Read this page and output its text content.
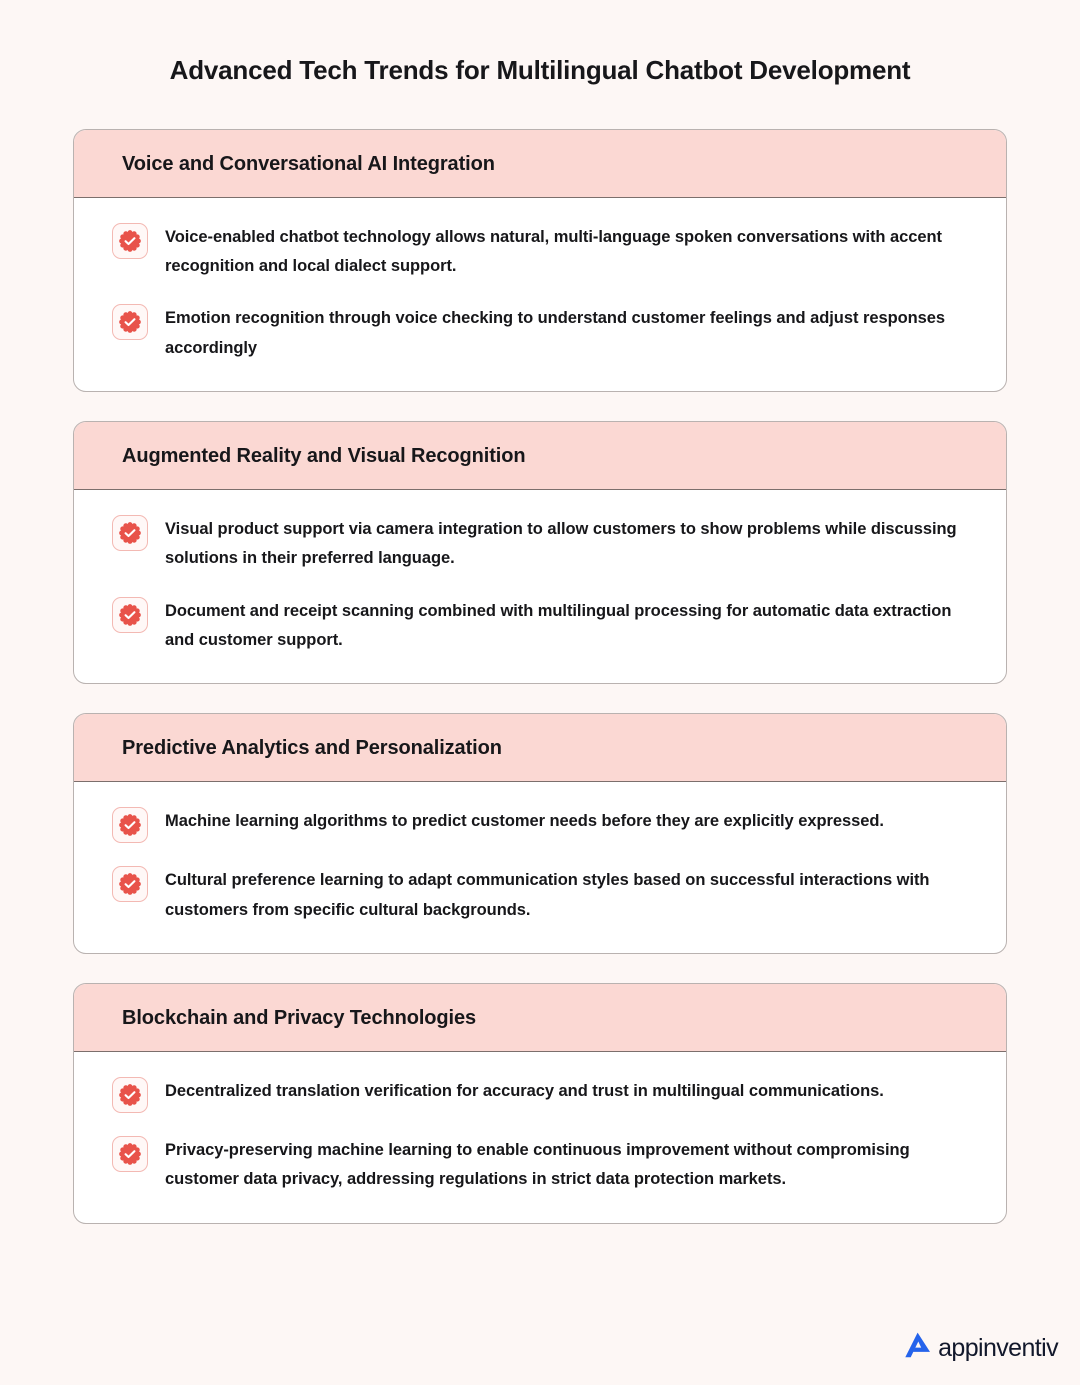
Advanced Tech Trends for Multilingual Chatbot Development
Voice and Conversational AI Integration

Voice-enabled chatbot technology allows natural, multi-language spoken conversations with accent recognition and local dialect support.

Emotion recognition through voice checking to understand customer feelings and adjust responses accordingly

Augmented Reality and Visual Recognition

Visual product support via camera integration to allow customers to show problems while discussing solutions in their preferred language.

Document and receipt scanning combined with multilingual processing for automatic data extraction and customer support.

Predictive Analytics and Personalization

Machine learning algorithms to predict customer needs before they are explicitly expressed.

Cultural preference learning to adapt communication styles based on successful interactions with customers from specific cultural backgrounds.

Blockchain and Privacy Technologies

Decentralized translation verification for accuracy and trust in multilingual communications.

Privacy-preserving machine learning to enable continuous improvement without compromising customer data privacy, addressing regulations in strict data protection markets.

appinventiv
